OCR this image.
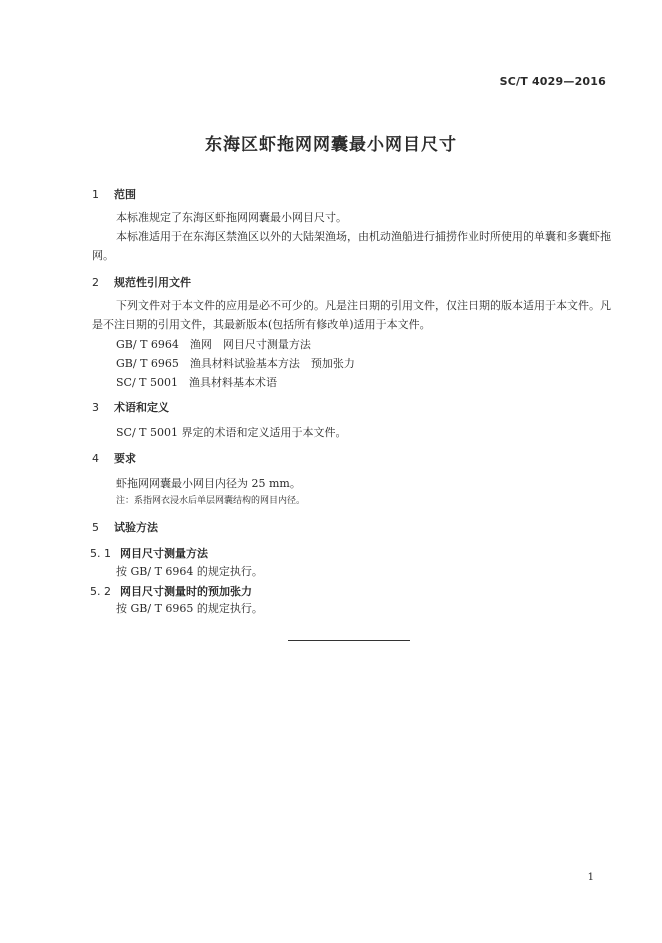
SC/T 4029—2016
东海区虾拖网网囊最小网目尺寸
1 范围
本标准规定了东海区虾拖网网囊最小网目尺寸。
本标准适用于在东海区禁渔区以外的大陆架渔场，由机动渔船进行捕捞作业时所使用的单囊和多囊虾拖网。
2 规范性引用文件
下列文件对于本文件的应用是必不可少的。凡是注日期的引用文件，仅注日期的版本适用于本文件。凡是不注日期的引用文件，其最新版本(包括所有修改单)适用于本文件。
GB/ T 6964　渔网　网目尺寸测量方法
GB/ T 6965　渔具材料试验基本方法　预加张力
SC/ T 5001　渔具材料基本术语
3 术语和定义
SC/ T 5001 界定的术语和定义适用于本文件。
4 要求
虾拖网网囊最小网目内径为 25 mm。
注：系指网衣浸水后单层网囊结构的网目内径。
5 试验方法
5. 1 网目尺寸测量方法
按 GB/ T 6964 的规定执行。
5. 2 网目尺寸测量时的预加张力
按 GB/ T 6965 的规定执行。
1
